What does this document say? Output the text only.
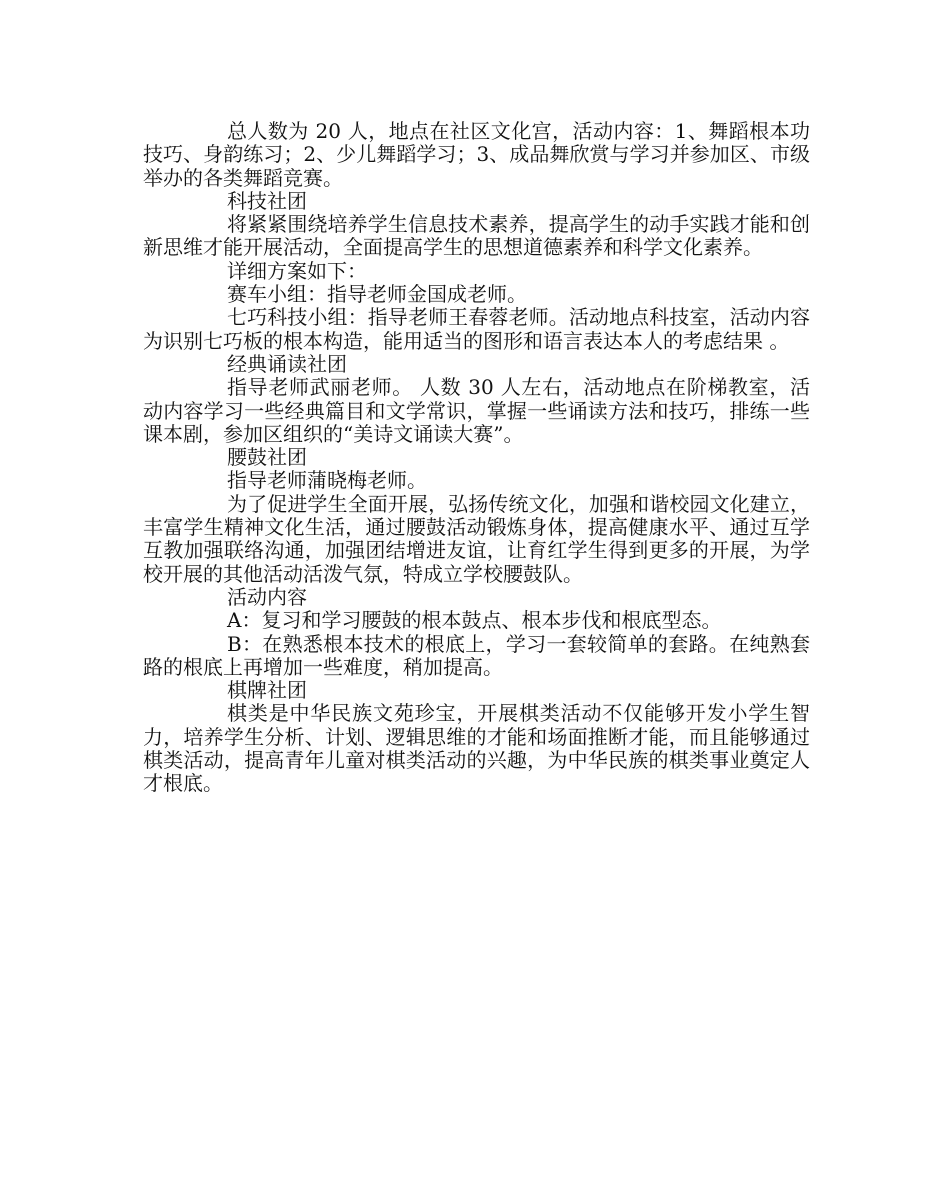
总人数为 20 人，地点在社区文化宫，活动内容：1、舞蹈根本功技巧、身韵练习；2、少儿舞蹈学习；3、成品舞欣赏与学习并参加区、市级举办的各类舞蹈竞赛。

科技社团

将紧紧围绕培养学生信息技术素养，提高学生的动手实践才能和创新思维才能开展活动，全面提高学生的思想道德素养和科学文化素养。

详细方案如下：

赛车小组：指导老师金国成老师。

七巧科技小组：指导老师王春蓉老师。活动地点科技室，活动内容为识别七巧板的根本构造，能用适当的图形和语言表达本人的考虑结果 。

经典诵读社团

指导老师武丽老师。 人数 30 人左右，活动地点在阶梯教室，活动内容学习一些经典篇目和文学常识，掌握一些诵读方法和技巧，排练一些课本剧，参加区组织的“美诗文诵读大赛”。

腰鼓社团

指导老师蒲晓梅老师。

为了促进学生全面开展，弘扬传统文化，加强和谐校园文化建立，丰富学生精神文化生活，通过腰鼓活动锻炼身体，提高健康水平、通过互学互教加强联络沟通，加强团结增进友谊，让育红学生得到更多的开展，为学校开展的其他活动活泼气氛，特成立学校腰鼓队。

活动内容

A：复习和学习腰鼓的根本鼓点、根本步伐和根底型态。

B：在熟悉根本技术的根底上，学习一套较简单的套路。在纯熟套路的根底上再增加一些难度，稍加提高。

棋牌社团

棋类是中华民族文苑珍宝，开展棋类活动不仅能够开发小学生智力，培养学生分析、计划、逻辑思维的才能和场面推断才能，而且能够通过棋类活动，提高青年儿童对棋类活动的兴趣，为中华民族的棋类事业奠定人才根底。
